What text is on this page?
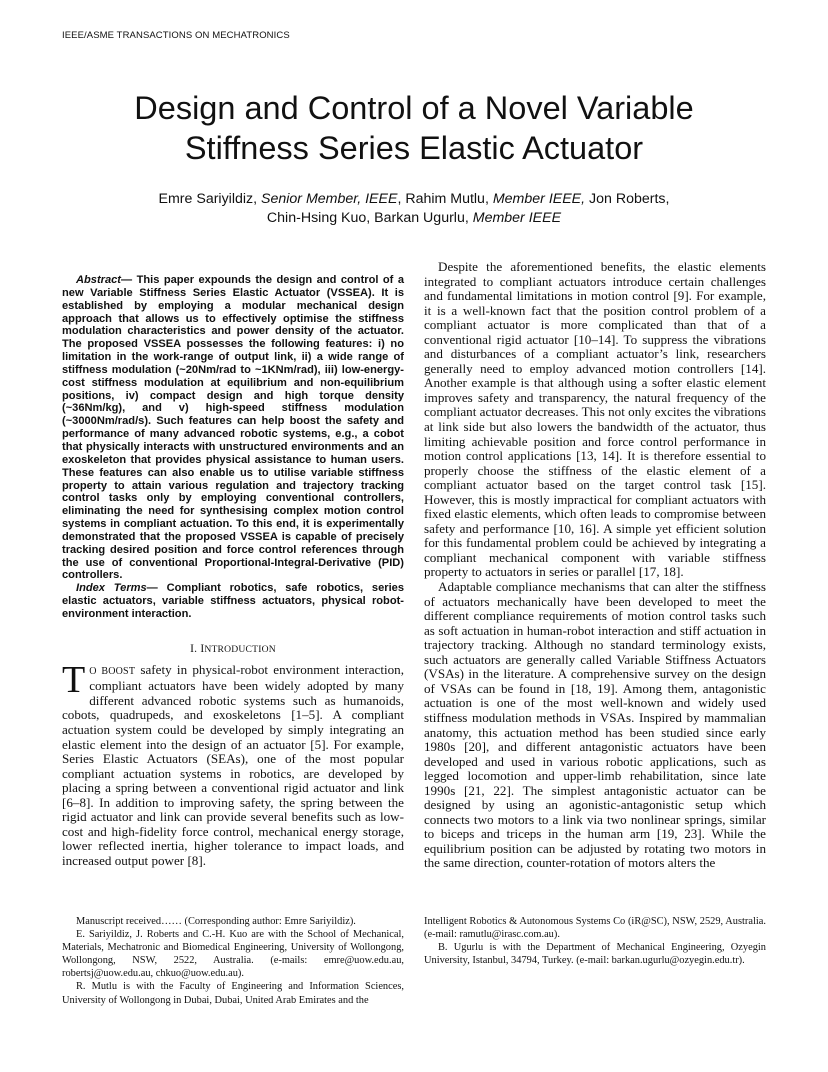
IEEE/ASME TRANSACTIONS ON MECHATRONICS
Design and Control of a Novel Variable
Stiffness Series Elastic Actuator
Emre Sariyildiz, Senior Member, IEEE, Rahim Mutlu, Member IEEE, Jon Roberts,
Chin-Hsing Kuo, Barkan Ugurlu, Member IEEE

Abstract— This paper expounds the design and control of a new Variable Stiffness Series Elastic Actuator (VSSEA). It is established by employing a modular mechanical design approach that allows us to effectively optimise the stiffness modulation characteristics and power density of the actuator. The proposed VSSEA possesses the following features: i) no limitation in the work-range of output link, ii) a wide range of stiffness modulation (~20Nm/rad to ~1KNm/rad), iii) low-energy-cost stiffness modulation at equilibrium and non-equilibrium positions, iv) compact design and high torque density (~36Nm/kg), and v) high-speed stiffness modulation (~3000Nm/rad/s). Such features can help boost the safety and performance of many advanced robotic systems, e.g., a cobot that physically interacts with unstructured environments and an exoskeleton that provides physical assistance to human users. These features can also enable us to utilise variable stiffness property to attain various regulation and trajectory tracking control tasks only by employing conventional controllers, eliminating the need for synthesising complex motion control systems in compliant actuation. To this end, it is experimentally demonstrated that the proposed VSSEA is capable of precisely tracking desired position and force control references through the use of conventional Proportional-Integral-Derivative (PID) controllers.

Index Terms— Compliant robotics, safe robotics, series elastic actuators, variable stiffness actuators, physical robot-environment interaction.

I. INTRODUCTION

T O BOOST safety in physical-robot environment interaction, compliant actuators have been widely adopted by many different advanced robotic systems such as humanoids, cobots, quadrupeds, and exoskeletons [1–5]. A compliant actuation system could be developed by simply integrating an elastic element into the design of an actuator [5]. For example, Series Elastic Actuators (SEAs), one of the most popular compliant actuation systems in robotics, are developed by placing a spring between a conventional rigid actuator and link [6–8]. In addition to improving safety, the spring between the rigid actuator and link can provide several benefits such as low-cost and high-fidelity force control, mechanical energy storage, lower reflected inertia, higher tolerance to impact loads, and increased output power [8].

Despite the aforementioned benefits, the elastic elements integrated to compliant actuators introduce certain challenges and fundamental limitations in motion control [9]. For example, it is a well-known fact that the position control problem of a compliant actuator is more complicated than that of a conventional rigid actuator [10–14]. To suppress the vibrations and disturbances of a compliant actuator’s link, researchers generally need to employ advanced motion controllers [14]. Another example is that although using a softer elastic element improves safety and transparency, the natural frequency of the compliant actuator decreases. This not only excites the vibrations at link side but also lowers the bandwidth of the actuator, thus limiting achievable position and force control performance in motion control applications [13, 14]. It is therefore essential to properly choose the stiffness of the elastic element of a compliant actuator based on the target control task [15]. However, this is mostly impractical for compliant actuators with fixed elastic elements, which often leads to compromise between safety and performance [10, 16]. A simple yet efficient solution for this fundamental problem could be achieved by integrating a compliant mechanical component with variable stiffness property to actuators in series or parallel [17, 18].

Adaptable compliance mechanisms that can alter the stiffness of actuators mechanically have been developed to meet the different compliance requirements of motion control tasks such as soft actuation in human-robot interaction and stiff actuation in trajectory tracking. Although no standard terminology exists, such actuators are generally called Variable Stiffness Actuators (VSAs) in the literature. A comprehensive survey on the design of VSAs can be found in [18, 19]. Among them, antagonistic actuation is one of the most well-known and widely used stiffness modulation methods in VSAs. Inspired by mammalian anatomy, this actuation method has been studied since early 1980s [20], and different antagonistic actuators have been developed and used in various robotic applications, such as legged locomotion and upper-limb rehabilitation, since late 1990s [21, 22]. The simplest antagonistic actuator can be designed by using an agonistic-antagonistic setup which connects two motors to a link via two nonlinear springs, similar to biceps and triceps in the human arm [19, 23]. While the equilibrium position can be adjusted by rotating two motors in the same direction, counter-rotation of motors alters the

Manuscript received…… (Corresponding author: Emre Sariyildiz).

E. Sariyildiz, J. Roberts and C.-H. Kuo are with the School of Mechanical, Materials, Mechatronic and Biomedical Engineering, University of Wollongong, Wollongong, NSW, 2522, Australia. (e-mails: emre@uow.edu.au, robertsj@uow.edu.au, chkuo@uow.edu.au).

R. Mutlu is with the Faculty of Engineering and Information Sciences, University of Wollongong in Dubai, Dubai, United Arab Emirates and the

Intelligent Robotics & Autonomous Systems Co (iR@SC), NSW, 2529, Australia. (e-mail: ramutlu@irasc.com.au).

B. Ugurlu is with the Department of Mechanical Engineering, Ozyegin University, Istanbul, 34794, Turkey. (e-mail: barkan.ugurlu@ozyegin.edu.tr).
